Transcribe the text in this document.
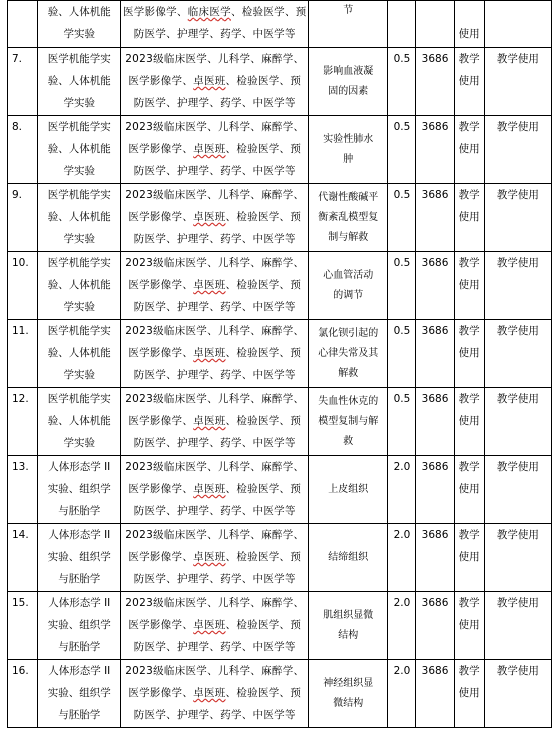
	验、人体机能
学实验	医学影像学、临床医学、检验医学、预
防医学、护理学、药学、中医学等	节			使用	

7.	医学机能学实
验、人体机能
学实验	2023级临床医学、儿科学、麻醉学、
医学影像学、卓医班、检验医学、预
防医学、护理学、药学、中医学等	影响血液凝
固的因素	0.5	3686	教学
使用	教学使用
8.	医学机能学实
验、人体机能
学实验	2023级临床医学、儿科学、麻醉学、
医学影像学、卓医班、检验医学、预
防医学、护理学、药学、中医学等	实验性肺水
肿	0.5	3686	教学
使用	教学使用
9.	医学机能学实
验、人体机能
学实验	2023级临床医学、儿科学、麻醉学、
医学影像学、卓医班、检验医学、预
防医学、护理学、药学、中医学等	代谢性酸碱平
衡紊乱模型复
制与解救	0.5	3686	教学
使用	教学使用
10.	医学机能学实
验、人体机能
学实验	2023级临床医学、儿科学、麻醉学、
医学影像学、卓医班、检验医学、预
防医学、护理学、药学、中医学等	心血管活动
的调节	0.5	3686	教学
使用	教学使用
11.	医学机能学实
验、人体机能
学实验	2023级临床医学、儿科学、麻醉学、
医学影像学、卓医班、检验医学、预
防医学、护理学、药学、中医学等	氯化钡引起的
心律失常及其
解救	0.5	3686	教学
使用	教学使用
12.	医学机能学实
验、人体机能
学实验	2023级临床医学、儿科学、麻醉学、
医学影像学、卓医班、检验医学、预
防医学、护理学、药学、中医学等	失血性休克的
模型复制与解
救	0.5	3686	教学
使用	教学使用
13.	人体形态学 II
实验、组织学
与胚胎学	2023级临床医学、儿科学、麻醉学、
医学影像学、卓医班、检验医学、预
防医学、护理学、药学、中医学等	上皮组织	2.0	3686	教学
使用	教学使用
14.	人体形态学 II
实验、组织学
与胚胎学	2023级临床医学、儿科学、麻醉学、
医学影像学、卓医班、检验医学、预
防医学、护理学、药学、中医学等	结缔组织	2.0	3686	教学
使用	教学使用
15.	人体形态学 II
实验、组织学
与胚胎学	2023级临床医学、儿科学、麻醉学、
医学影像学、卓医班、检验医学、预
防医学、护理学、药学、中医学等	肌组织显微
结构	2.0	3686	教学
使用	教学使用
16.	人体形态学 II
实验、组织学
与胚胎学	2023级临床医学、儿科学、麻醉学、
医学影像学、卓医班、检验医学、预
防医学、护理学、药学、中医学等	神经组织显
微结构	2.0	3686	教学
使用	教学使用
